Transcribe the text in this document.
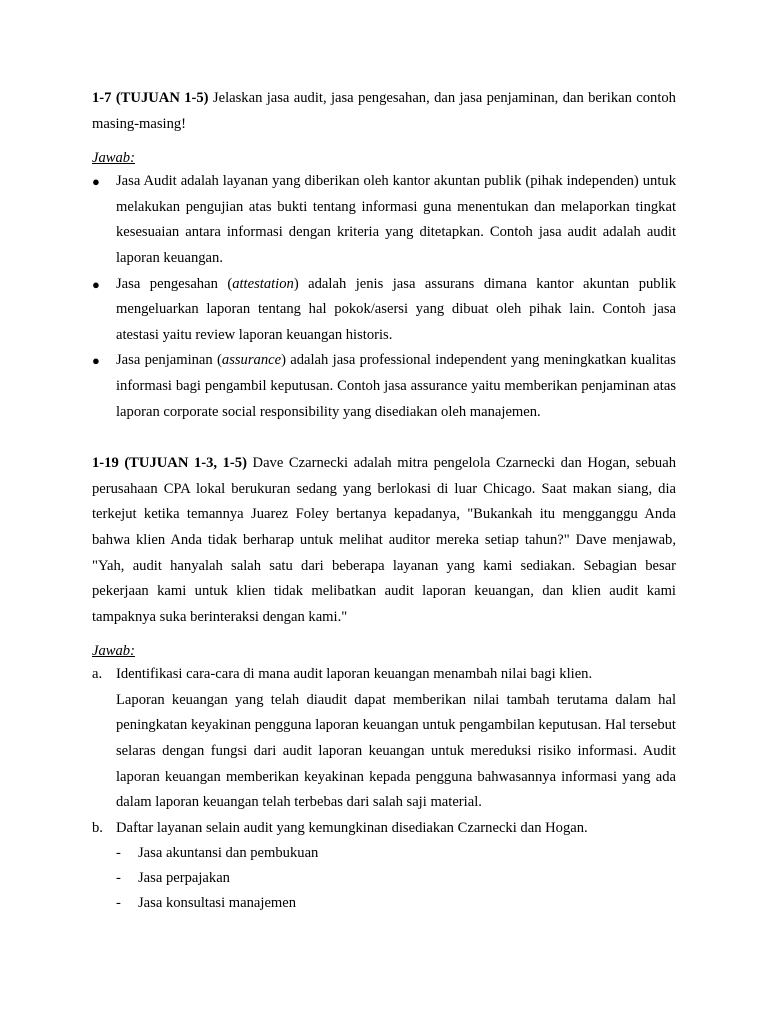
1-7 (TUJUAN 1-5) Jelaskan jasa audit, jasa pengesahan, dan jasa penjaminan, dan berikan contoh masing-masing!

Jawab:

● Jasa Audit adalah layanan yang diberikan oleh kantor akuntan publik (pihak independen) untuk melakukan pengujian atas bukti tentang informasi guna menentukan dan melaporkan tingkat kesesuaian antara informasi dengan kriteria yang ditetapkan. Contoh jasa audit adalah audit laporan keuangan.
● Jasa pengesahan (attestation) adalah jenis jasa assurans dimana kantor akuntan publik mengeluarkan laporan tentang hal pokok/asersi yang dibuat oleh pihak lain. Contoh jasa atestasi yaitu review laporan keuangan historis.
● Jasa penjaminan (assurance) adalah jasa professional independent yang meningkatkan kualitas informasi bagi pengambil keputusan. Contoh jasa assurance yaitu memberikan penjaminan atas laporan corporate social responsibility yang disediakan oleh manajemen.

1-19 (TUJUAN 1-3, 1-5) Dave Czarnecki adalah mitra pengelola Czarnecki dan Hogan, sebuah perusahaan CPA lokal berukuran sedang yang berlokasi di luar Chicago. Saat makan siang, dia terkejut ketika temannya Juarez Foley bertanya kepadanya, "Bukankah itu mengganggu Anda bahwa klien Anda tidak berharap untuk melihat auditor mereka setiap tahun?" Dave menjawab, "Yah, audit hanyalah salah satu dari beberapa layanan yang kami sediakan. Sebagian besar pekerjaan kami untuk klien tidak melibatkan audit laporan keuangan, dan klien audit kami tampaknya suka berinteraksi dengan kami."

Jawab:

a. Identifikasi cara-cara di mana audit laporan keuangan menambah nilai bagi klien.
Laporan keuangan yang telah diaudit dapat memberikan nilai tambah terutama dalam hal peningkatan keyakinan pengguna laporan keuangan untuk pengambilan keputusan. Hal tersebut selaras dengan fungsi dari audit laporan keuangan untuk mereduksi risiko informasi. Audit laporan keuangan memberikan keyakinan kepada pengguna bahwasannya informasi yang ada dalam laporan keuangan telah terbebas dari salah saji material.
b. Daftar layanan selain audit yang kemungkinan disediakan Czarnecki dan Hogan.
- Jasa akuntansi dan pembukuan
- Jasa perpajakan
- Jasa konsultasi manajemen
